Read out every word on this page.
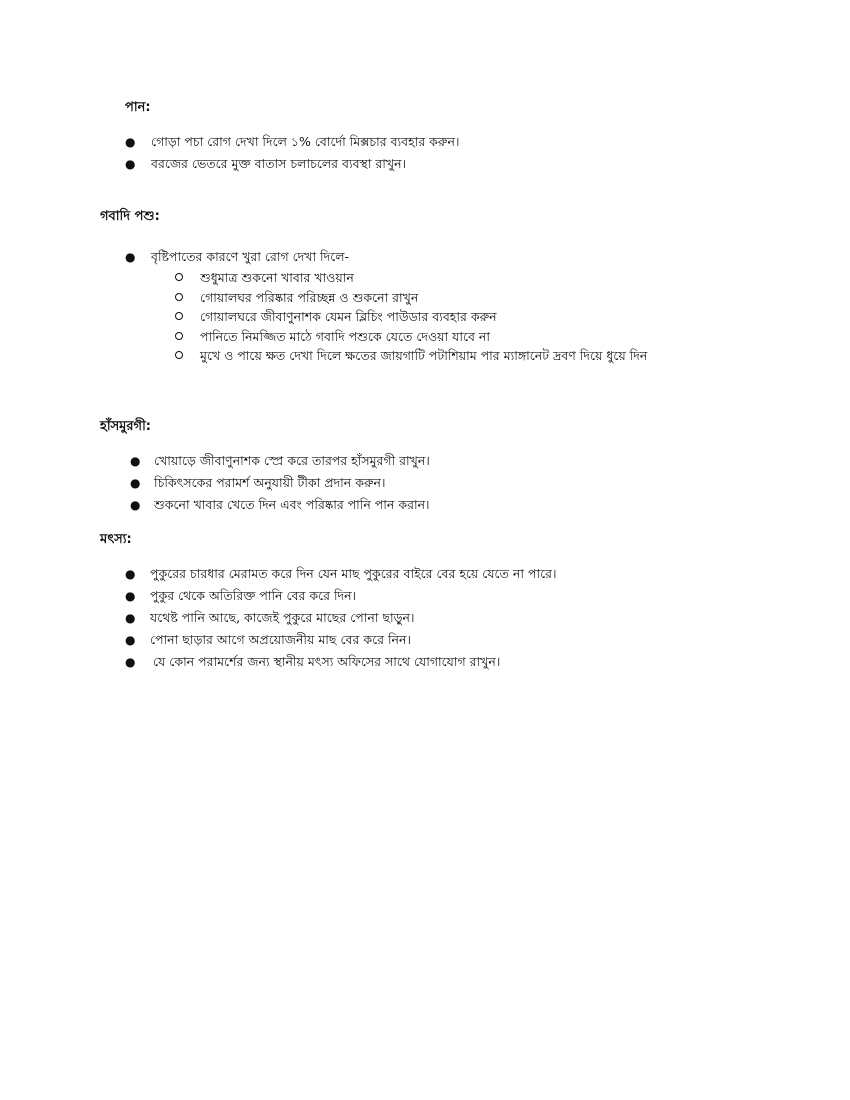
পান:
● গোড়া পচা রোগ দেখা দিলে ১% বোর্দো মিক্সচার ব্যবহার করুন।
● বরজের ভেতরে মুক্ত বাতাস চলাচলের ব্যবস্থা রাখুন।
গবাদি পশু:
● বৃষ্টিপাতের কারণে খুরা রোগ দেখা দিলে-
শুধুমাত্র শুকনো খাবার খাওয়ান
গোয়ালঘর পরিষ্কার পরিচ্ছন্ন ও শুকনো রাখুন
গোয়ালঘরে জীবাণুনাশক যেমন ব্লিচিং পাউডার ব্যবহার করুন
পানিতে নিমজ্জিত মাঠে গবাদি পশুকে যেতে দেওয়া যাবে না
মুখে ও পায়ে ক্ষত দেখা দিলে ক্ষতের জায়গাটি পটাশিয়াম পার ম্যাঙ্গানেট দ্রবণ দিয়ে ধুয়ে দিন
হাঁসমুরগী:
● খোয়াড়ে জীবাণুনাশক স্প্রে করে তারপর হাঁসমুরগী রাখুন।
● চিকিৎসকের পরামর্শ অনুযায়ী টীকা প্রদান করুন।
● শুকনো খাবার খেতে দিন এবং পরিষ্কার পানি পান করান।
মৎস্য:
● পুকুরের চারধার মেরামত করে দিন যেন মাছ পুকুরের বাইরে বের হয়ে যেতে না পারে।
● পুকুর থেকে অতিরিক্ত পানি বের করে দিন।
● যথেষ্ট পানি আছে, কাজেই পুকুরে মাছের পোনা ছাড়ুন।
● পোনা ছাড়ার আগে অপ্রয়োজনীয় মাছ বের করে নিন।
● যে কোন পরামর্শের জন্য স্থানীয় মৎস্য অফিসের সাথে যোগাযোগ রাখুন।
